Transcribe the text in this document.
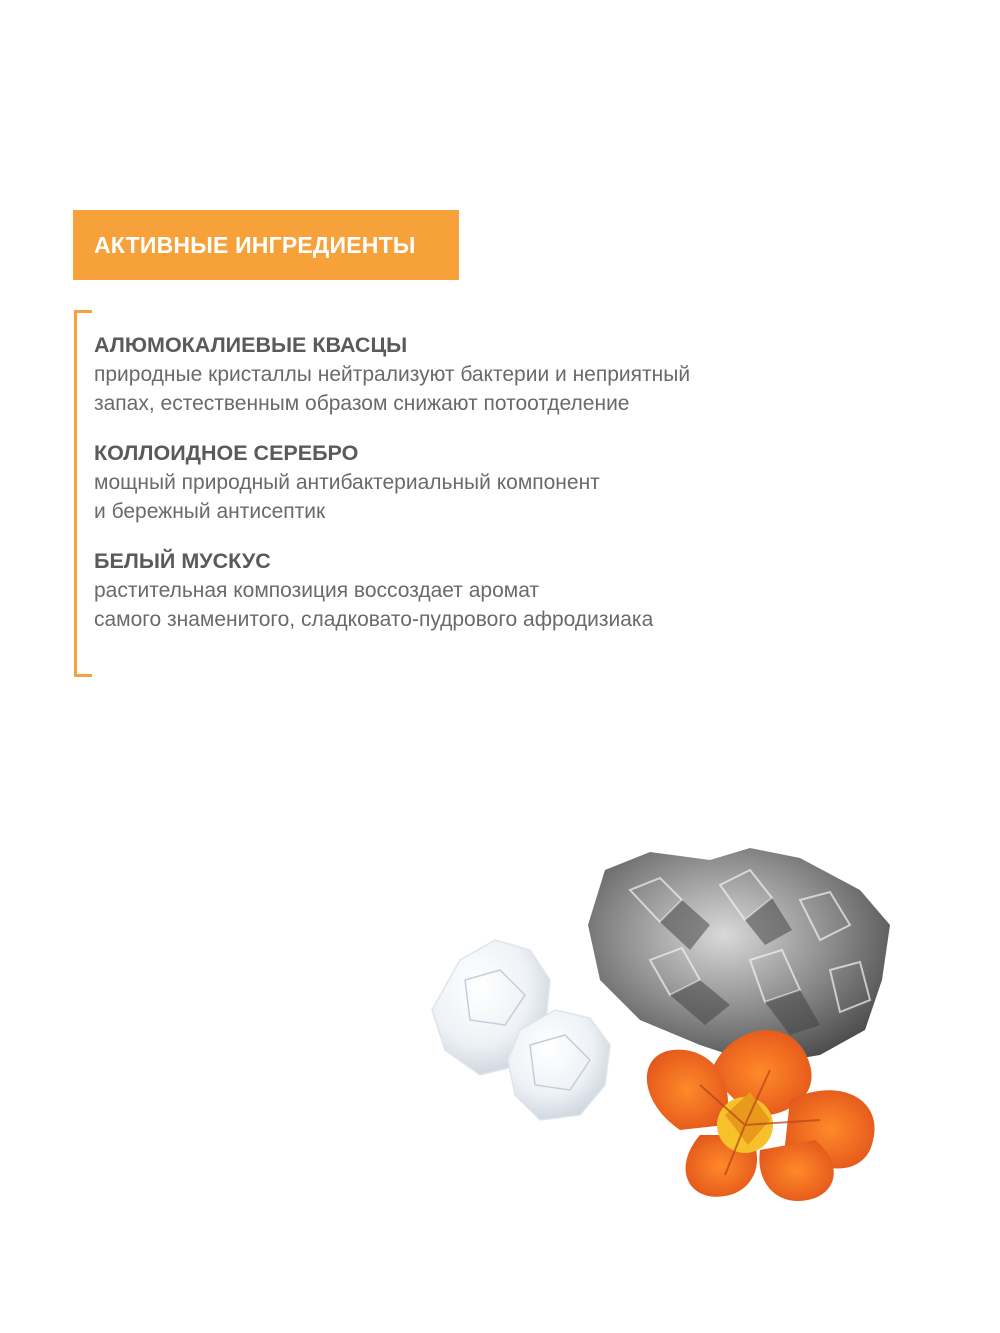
АКТИВНЫЕ ИНГРЕДИЕНТЫ
АЛЮМОКАЛИЕВЫЕ КВАСЦЫ
природные кристаллы нейтрализуют бактерии и неприятный
запах, естественным образом снижают потоотделение
КОЛЛОИДНОЕ СЕРЕБРО
мощный природный антибактериальный компонент
и бережный антисептик
БЕЛЫЙ МУСКУС
растительная композиция воссоздает аромат
самого знаменитого, сладковато-пудрового афродизиака
